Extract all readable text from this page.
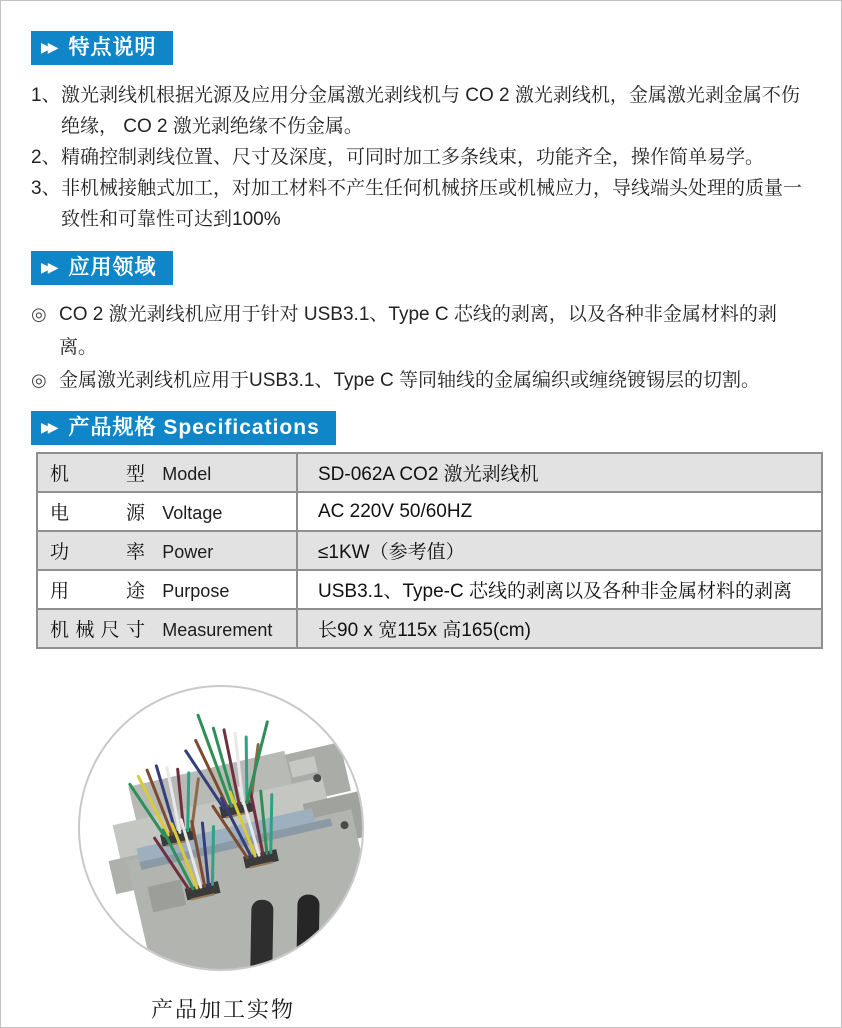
▶▶ 特点说明
1、 激光剥线机根据光源及应用分金属激光剥线机与 CO 2 激光剥线机，金属激光剥金属不伤绝缘， CO 2 激光剥绝缘不伤金属。
2、 精确控制剥线位置、尺寸及深度，可同时加工多条线束，功能齐全，操作简单易学。
3、 非机械接触式加工，对加工材料不产生任何机械挤压或机械应力，导线端头处理的质量一致性和可靠性可达到100%
▶▶ 应用领域
◎ CO 2 激光剥线机应用于针对 USB3.1、Type C 芯线的剥离，以及各种非金属材料的剥离。
◎ 金属激光剥线机应用于USB3.1、Type C 等同轴线的金属编织或缠绕镀锡层的切割。
▶▶ 产品规格 Specifications
机型 Model	SD-062A CO2 激光剥线机
电源 Voltage	AC 220V 50/60HZ
功率 Power	≤1KW（参考值）
用途 Purpose	USB3.1、Type-C 芯线的剥离以及各种非金属材料的剥离
机械尺寸 Measurement	长90 x 宽115x 高165(cm)
产品加工实物
